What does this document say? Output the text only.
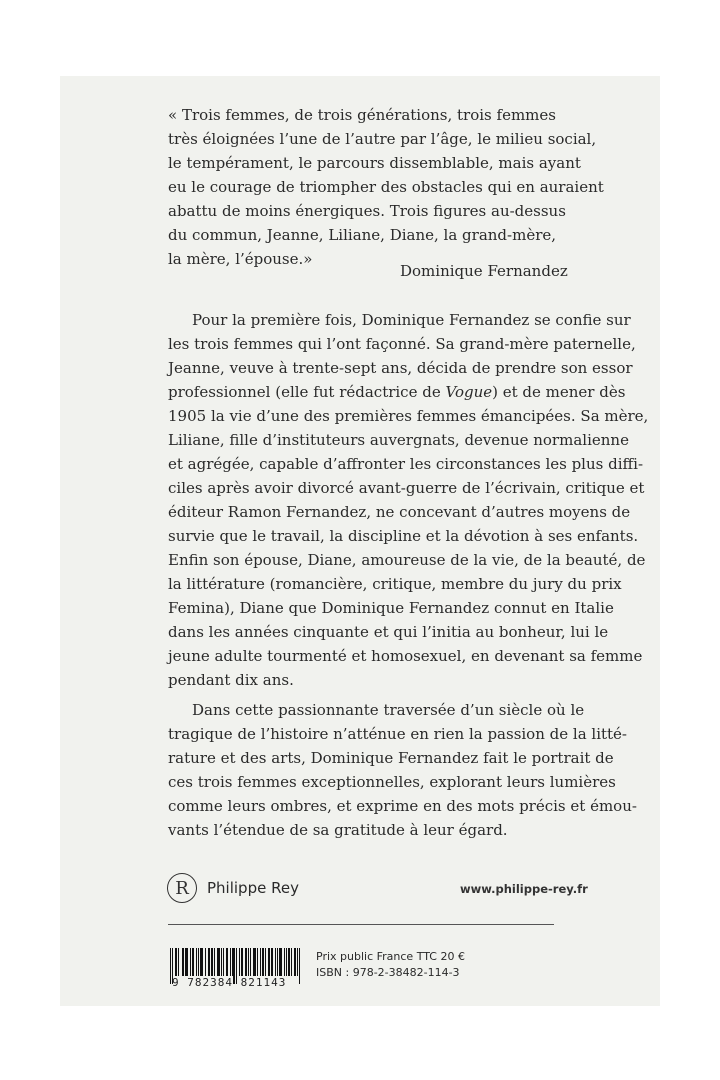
« Trois femmes, de trois générations, trois femmes
très éloignées l’une de l’autre par l’âge, le milieu social,
le tempérament, le parcours dissemblable, mais ayant
eu le courage de triompher des obstacles qui en auraient
abattu de moins énergiques. Trois figures au-dessus
du commun, Jeanne, Liliane, Diane, la grand-mère,
la mère, l’épouse.»
Dominique Fernandez

Pour la première fois, Dominique Fernandez se confie sur
les trois femmes qui l’ont façonné. Sa grand-mère paternelle,
Jeanne, veuve à trente-sept ans, décida de prendre son essor
professionnel (elle fut rédactrice de Vogue) et de mener dès
1905 la vie d’une des premières femmes émancipées. Sa mère,
Liliane, fille d’instituteurs auvergnats, devenue normalienne
et agrégée, capable d’affronter les circonstances les plus diffi-
ciles après avoir divorcé avant-guerre de l’écrivain, critique et
éditeur Ramon Fernandez, ne concevant d’autres moyens de
survie que le travail, la discipline et la dévotion à ses enfants.
Enfin son épouse, Diane, amoureuse de la vie, de la beauté, de
la littérature (romancière, critique, membre du jury du prix
Femina), Diane que Dominique Fernandez connut en Italie
dans les années cinquante et qui l’initia au bonheur, lui le
jeune adulte tourmenté et homosexuel, en devenant sa femme
pendant dix ans.

Dans cette passionnante traversée d’un siècle où le
tragique de l’histoire n’atténue en rien la passion de la litté-
rature et des arts, Dominique Fernandez fait le portrait de
ces trois femmes exceptionnelles, explorant leurs lumières
comme leurs ombres, et exprime en des mots précis et émou-
vants l’étendue de sa gratitude à leur égard.

R	Philippe Rey	www.philippe-rey.fr
9 782384 821143
Prix public France TTC 20 €
ISBN : 978-2-38482-114-3
